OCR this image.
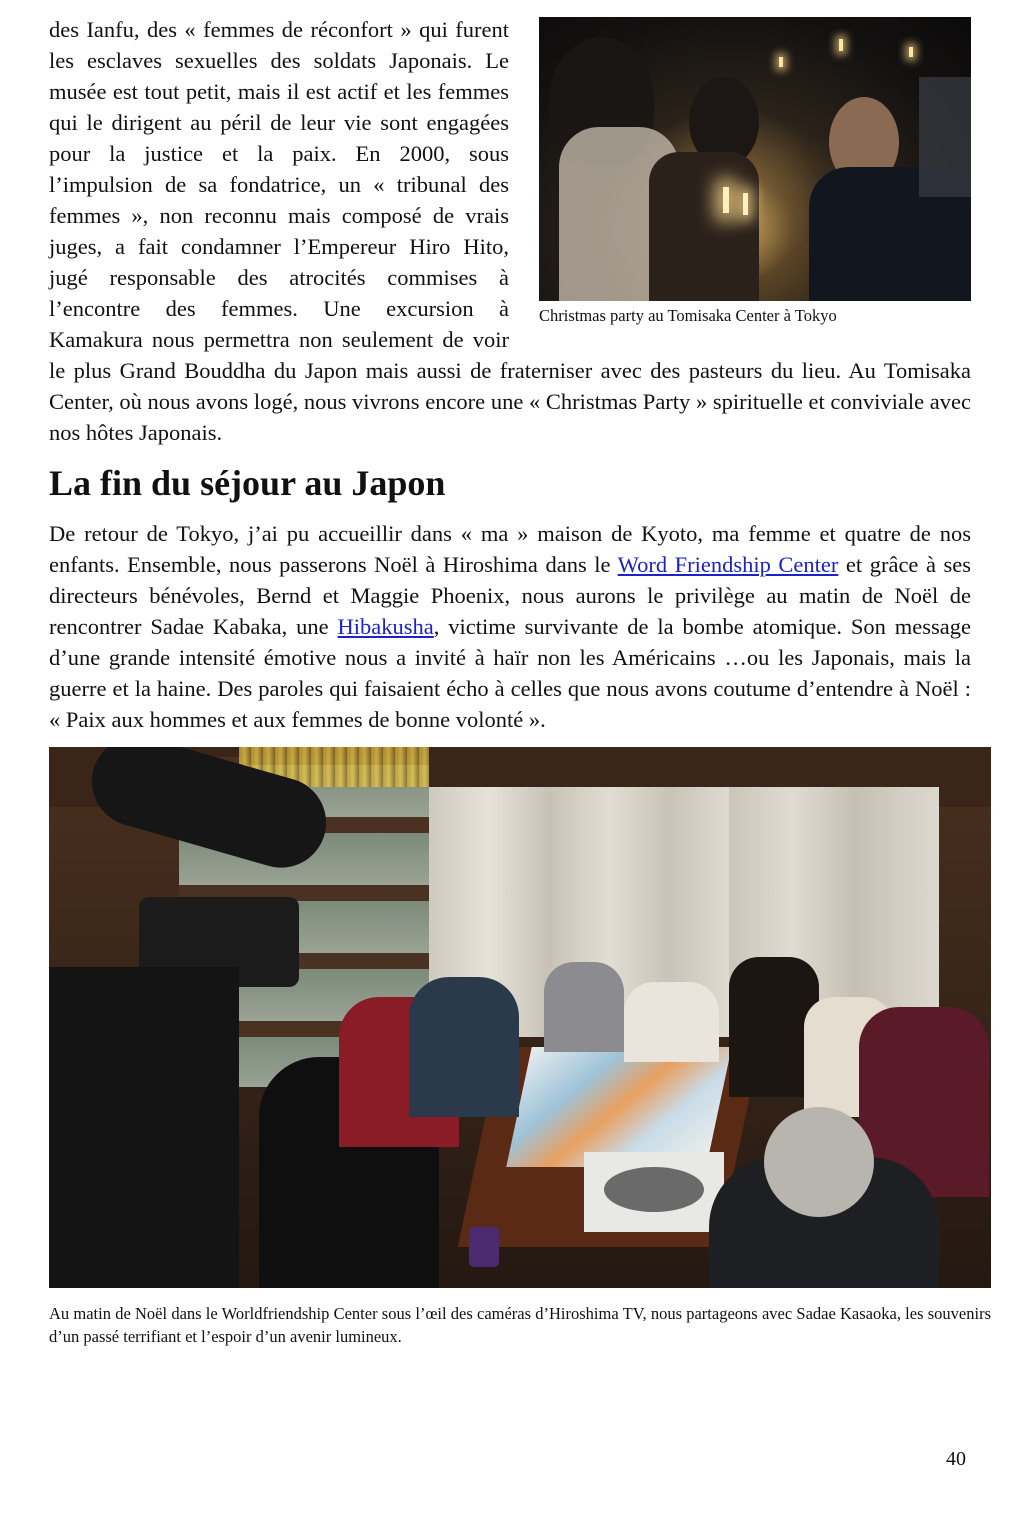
Christmas party au Tomisaka Center à Tokyo

des Ianfu, des « femmes de réconfort » qui furent les esclaves sexuelles des soldats Japonais. Le musée est tout petit, mais il est actif et les femmes qui le dirigent au péril de leur vie sont engagées pour la justice et la paix. En 2000, sous l’impulsion de sa fondatrice, un « tribunal des femmes », non reconnu mais composé de vrais juges, a fait condamner l’Empereur Hiro Hito, jugé responsable des atrocités commises à l’encontre des femmes. Une excursion à Kamakura nous permettra non seulement de voir le plus Grand Bouddha du Japon mais aussi de fraterniser avec des pasteurs du lieu. Au Tomisaka Center, où nous avons logé, nous vivrons encore une « Christmas Party » spirituelle et conviviale avec nos hôtes Japonais.

La fin du séjour au Japon

De retour de Tokyo, j’ai pu accueillir dans « ma » maison de Kyoto, ma femme et quatre de nos enfants. Ensemble, nous passerons Noël à Hiroshima dans le Word Friendship Center et grâce à ses directeurs bénévoles, Bernd et Maggie Phoenix, nous aurons le privilège au matin de Noël de rencontrer Sadae Kabaka, une Hibakusha, victime survivante de la bombe atomique. Son message d’une grande intensité émotive nous a invité à haïr non les Américains …ou les Japonais, mais la guerre et la haine. Des paroles qui faisaient écho à celles que nous avons coutume d’entendre à Noël : « Paix aux hommes et aux femmes de bonne volonté ».

Au matin de Noël dans le Worldfriendship Center sous l’œil des caméras d’Hiroshima TV, nous partageons avec Sadae Kasaoka, les souvenirs d’un passé terrifiant et l’espoir d’un avenir lumineux.
40
